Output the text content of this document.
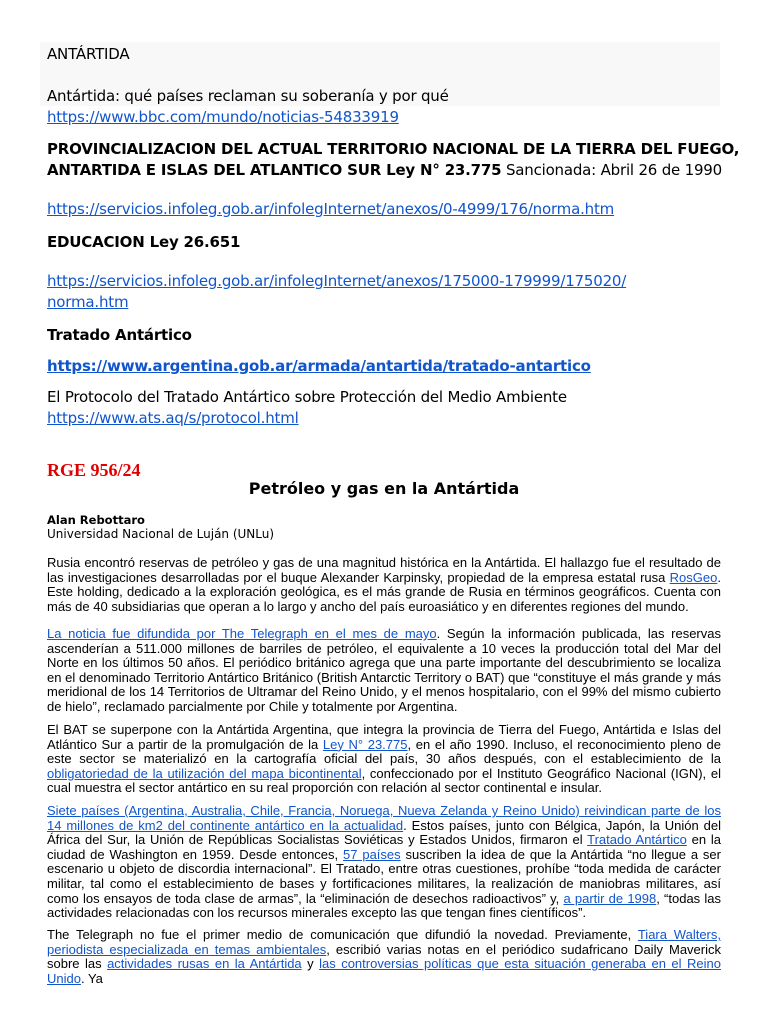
ANTÁRTIDA
Antártida: qué países reclaman su soberanía y por qué
https://www.bbc.com/mundo/noticias-54833919
PROVINCIALIZACION DEL ACTUAL TERRITORIO NACIONAL DE LA TIERRA DEL FUEGO,
ANTARTIDA E ISLAS DEL ATLANTICO SUR Ley N° 23.775 Sancionada: Abril 26 de 1990
https://servicios.infoleg.gob.ar/infolegInternet/anexos/0-4999/176/norma.htm
EDUCACION Ley 26.651
https://servicios.infoleg.gob.ar/infolegInternet/anexos/175000-179999/175020/
norma.htm
Tratado Antártico
https://www.argentina.gob.ar/armada/antartida/tratado-antartico
El Protocolo del Tratado Antártico sobre Protección del Medio Ambiente
https://www.ats.aq/s/protocol.html
RGE 956/24
Petróleo y gas en la Antártida
Alan Rebottaro
Universidad Nacional de Luján (UNLu)
Rusia encontró reservas de petróleo y gas de una magnitud histórica en la Antártida. El hallazgo fue el resultado de las investigaciones desarrolladas por el buque Alexander Karpinsky, propiedad de la empresa estatal rusa RosGeo. Este holding, dedicado a la exploración geológica, es el más grande de Rusia en términos geográficos. Cuenta con más de 40 subsidiarias que operan a lo largo y ancho del país euroasiático y en diferentes regiones del mundo.
La noticia fue difundida por The Telegraph en el mes de mayo. Según la información publicada, las reservas ascenderían a 511.000 millones de barriles de petróleo, el equivalente a 10 veces la producción total del Mar del Norte en los últimos 50 años. El periódico británico agrega que una parte importante del descubrimiento se localiza en el denominado Territorio Antártico Británico (British Antarctic Territory o BAT) que “constituye el más grande y más meridional de los 14 Territorios de Ultramar del Reino Unido, y el menos hospitalario, con el 99% del mismo cubierto de hielo”, reclamado parcialmente por Chile y totalmente por Argentina.
El BAT se superpone con la Antártida Argentina, que integra la provincia de Tierra del Fuego, Antártida e Islas del Atlántico Sur a partir de la promulgación de la Ley N° 23.775, en el año 1990. Incluso, el reconocimiento pleno de este sector se materializó en la cartografía oficial del país, 30 años después, con el establecimiento de la obligatoriedad de la utilización del mapa bicontinental, confeccionado por el Instituto Geográfico Nacional (IGN), el cual muestra el sector antártico en su real proporción con relación al sector continental e insular.
Siete países (Argentina, Australia, Chile, Francia, Noruega, Nueva Zelanda y Reino Unido) reivindican parte de los 14 millones de km2 del continente antártico en la actualidad. Estos países, junto con Bélgica, Japón, la Unión del África del Sur, la Unión de Repúblicas Socialistas Soviéticas y Estados Unidos, firmaron el Tratado Antártico en la ciudad de Washington en 1959. Desde entonces, 57 países suscriben la idea de que la Antártida “no llegue a ser escenario u objeto de discordia internacional”. El Tratado, entre otras cuestiones, prohíbe “toda medida de carácter militar, tal como el establecimiento de bases y fortificaciones militares, la realización de maniobras militares, así como los ensayos de toda clase de armas”, la “eliminación de desechos radioactivos” y, a partir de 1998, “todas las actividades relacionadas con los recursos minerales excepto las que tengan fines científicos”.
The Telegraph no fue el primer medio de comunicación que difundió la novedad. Previamente, Tiara Walters, periodista especializada en temas ambientales, escribió varias notas en el periódico sudafricano Daily Maverick sobre las actividades rusas en la Antártida y las controversias políticas que esta situación generaba en el Reino Unido. Ya
